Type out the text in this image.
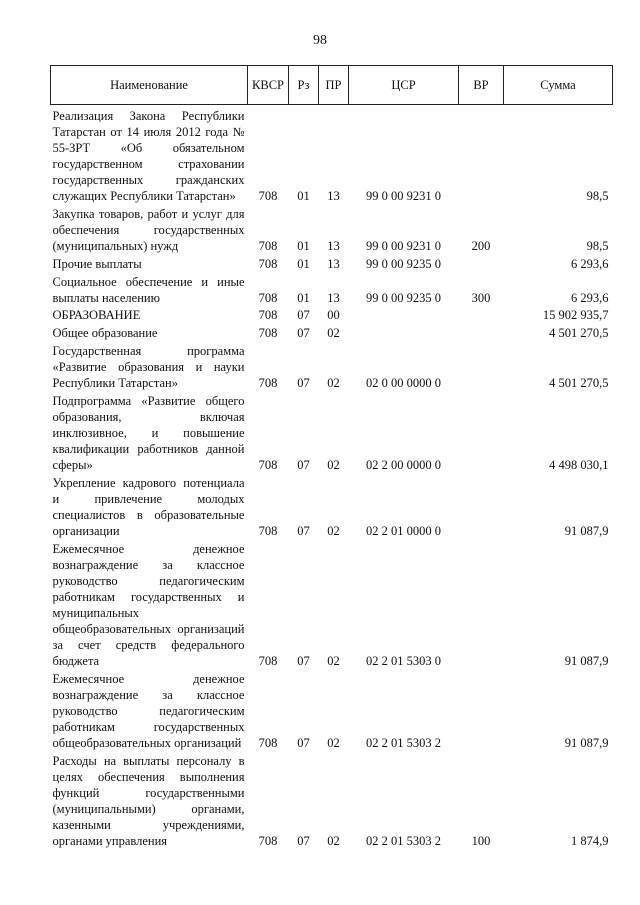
98
Наименование	КВСР	Рз	ПР	ЦСР	ВР	Сумма
Реализация Закона Республики Татарстан от 14 июля 2012 года № 55-ЗРТ «Об обязательном государственном страховании государственных гражданских служащих Республики Татарстан»	708	01	13	99 0 00 9231 0		98,5
Закупка товаров, работ и услуг для обеспечения государственных (муниципальных) нужд	708	01	13	99 0 00 9231 0	200	98,5
Прочие выплаты	708	01	13	99 0 00 9235 0		6 293,6
Социальное обеспечение и иные выплаты населению	708	01	13	99 0 00 9235 0	300	6 293,6
ОБРАЗОВАНИЕ	708	07	00			15 902 935,7
Общее образование	708	07	02			4 501 270,5
Государственная программа «Развитие образования и науки Республики Татарстан»	708	07	02	02 0 00 0000 0		4 501 270,5
Подпрограмма «Развитие общего образования, включая инклюзивное, и повышение квалификации работников данной сферы»	708	07	02	02 2 00 0000 0		4 498 030,1
Укрепление кадрового потенциала и привлечение молодых специалистов в образовательные организации	708	07	02	02 2 01 0000 0		91 087,9
Ежемесячное денежное вознаграждение за классное руководство педагогическим работникам государственных и муниципальных общеобразовательных организаций за счет средств федерального бюджета	708	07	02	02 2 01 5303 0		91 087,9
Ежемесячное денежное вознаграждение за классное руководство педагогическим работникам государственных общеобразовательных организаций	708	07	02	02 2 01 5303 2		91 087,9
Расходы на выплаты персоналу в целях обеспечения выполнения функций государственными (муниципальными) органами, казенными учреждениями, органами управления	708	07	02	02 2 01 5303 2	100	1 874,9
